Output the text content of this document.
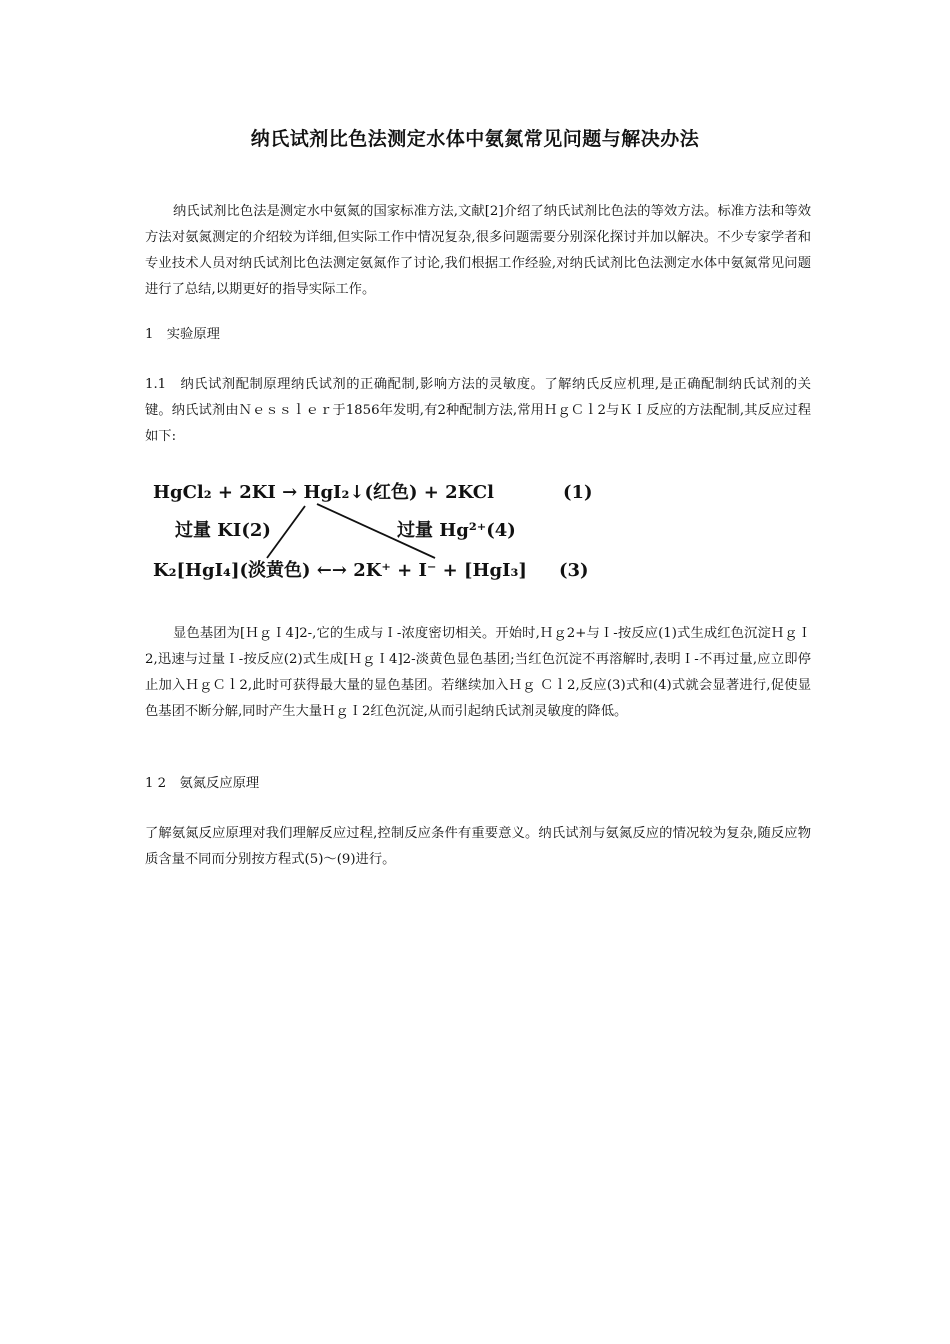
纳氏试剂比色法测定水体中氨氮常见问题与解决办法

纳氏试剂比色法是测定水中氨氮的国家标准方法,文献[2]介绍了纳氏试剂比色法的等效方法。标准方法和等效方法对氨氮测定的介绍较为详细,但实际工作中情况复杂,很多问题需要分别深化探讨并加以解决。不少专家学者和专业技术人员对纳氏试剂比色法测定氨氮作了讨论,我们根据工作经验,对纳氏试剂比色法测定水体中氨氮常见问题进行了总结,以期更好的指导实际工作。

1　实验原理

1.1　纳氏试剂配制原理纳氏试剂的正确配制,影响方法的灵敏度。了解纳氏反应机理,是正确配制纳氏试剂的关键。纳氏试剂由Ｎｅｓｓｌｅｒ于1856年发明,有2种配制方法,常用ＨｇＣｌ2与ＫＩ反应的方法配制,其反应过程如下:

HgCl₂ + 2KI → HgI₂↓(红色) + 2KCl	(1)
过量 KI(2)	过量 Hg²⁺(4)
K₂[HgI₄](淡黄色) ←→ 2K⁺ + I⁻ + [HgI₃] (3)

显色基团为[ＨｇＩ4]2-,它的生成与Ｉ-浓度密切相关。开始时,Ｈｇ2+与Ｉ-按反应(1)式生成红色沉淀ＨｇＩ2,迅速与过量Ｉ-按反应(2)式生成[ＨｇＩ4]2-淡黄色显色基团;当红色沉淀不再溶解时,表明Ｉ-不再过量,应立即停止加入ＨｇＣｌ2,此时可获得最大量的显色基团。若继续加入Ｈｇ Ｃｌ2,反应(3)式和(4)式就会显著进行,促使显色基团不断分解,同时产生大量ＨｇＩ2红色沉淀,从而引起纳氏试剂灵敏度的降低。

1 2　氨氮反应原理

了解氨氮反应原理对我们理解反应过程,控制反应条件有重要意义。纳氏试剂与氨氮反应的情况较为复杂,随反应物质含量不同而分别按方程式(5)～(9)进行。
